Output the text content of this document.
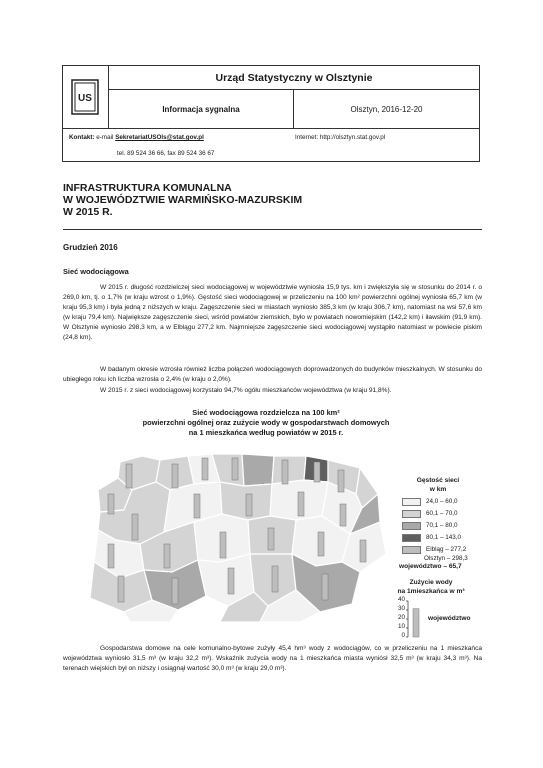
US
Urząd Statystyczny w Olsztynie
Informacja sygnalna	Olsztyn, 2016-12-20
Kontakt: e-mail SekretariatUSOls@stat.gov.pl
tel. 89 524 36 66, fax 89 524 36 67
Internet: http://olsztyn.stat.gov.pl
INFRASTRUKTURA KOMUNALNA
W WOJEWÓDZTWIE WARMIŃSKO-MAZURSKIM
W 2015 R.
Grudzień 2016
Sieć wodociągowa
W 2015 r. długość rozdzielczej sieci wodociągowej w województwie wyniosła 15,9 tys. km i zwiększyła się w stosunku do 2014 r. o 269,0 km, tj. o 1,7% (w kraju wzrost o 1,9%). Gęstość sieci wodociągowej w przeliczeniu na 100 km² powierzchni ogólnej wyniosła 65,7 km (w kraju 95,3 km) i była jedną z niższych w kraju. Zagęszczenie sieci w miastach wyniosło 385,3 km (w kraju 306,7 km), natomiast na wsi 57,6 km (w kraju 79,4 km). Największe zagęszczenie sieci, wśród powiatów ziemskich, było w powiatach nowomiejskim (142,2 km) i iławskim (91,9 km). W Olsztynie wyniosło 298,3 km, a w Elblągu 277,2 km. Najmniejsze zagęszczenie sieci wodociągowej wystąpiło natomiast w powiecie piskim (24,8 km).
W badanym okresie wzrosła również liczba połączeń wodociągowych doprowadzonych do budynków mieszkalnych. W stosunku do ubiegłego roku ich liczba wzrosła o 2,4% (w kraju o 2,0%).
W 2015 r. z sieci wodociągowej korzystało 94,7% ogółu mieszkańców województwa (w kraju 91,8%).
Sieć wodociągowa rozdzielcza na 100 km²
powierzchni ogólnej oraz zużycie wody w gospodarstwach domowych
na 1 mieszkańca według powiatów w 2015 r.
Gęstość sieci
w km
24,0 – 60,0
60,1 – 70,0
70,1 – 80,0
80,1 – 143,0
Elbląg – 277,2
Olsztyn – 298,3
województwo – 65,7
Zużycie wody
na 1mieszkańca w m³
40
30
20
10
0
województwo
Gospodarstwa domowe na cele komunalno-bytowe zużyły 45,4 hm³ wody z wodociągów, co w przeliczeniu na 1 mieszkańca województwa wyniosło 31,5 m³ (w kraju 32,2 m³). Wskaźnik zużycia wody na 1 mieszkańca miasta wyniósł 32,5 m³ (w kraju 34,3 m³). Na terenach wiejskich był on niższy i osiągnął wartość 30,0 m³ (w kraju 29,0 m³).
